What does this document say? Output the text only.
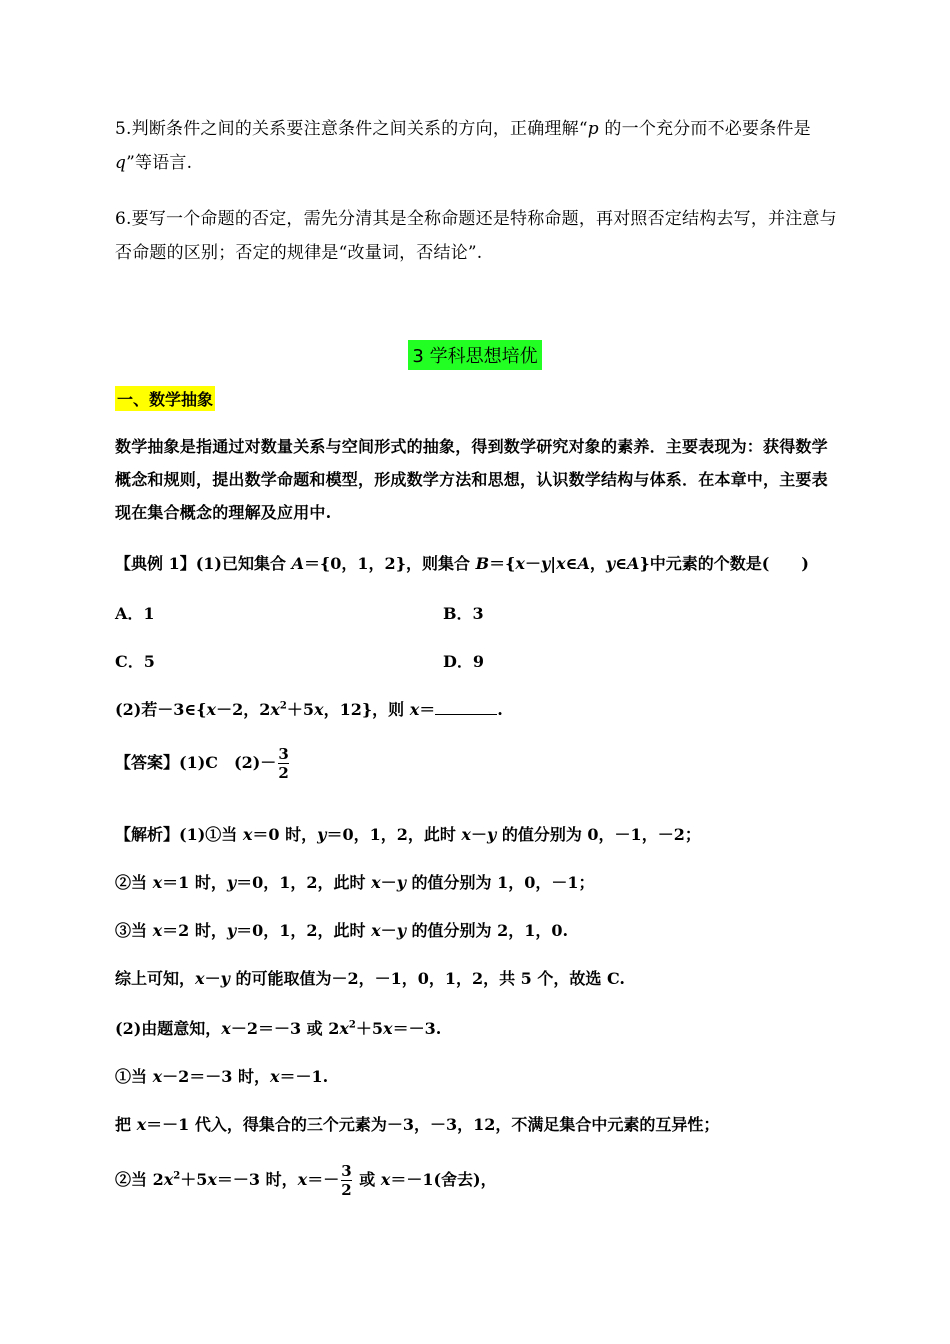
5.判断条件之间的关系要注意条件之间关系的方向，正确理解“p 的一个充分而不必要条件是 q”等语言.
6.要写一个命题的否定，需先分清其是全称命题还是特称命题，再对照否定结构去写，并注意与否命题的区别；否定的规律是“改量词，否结论”.
3 学科思想培优
一、数学抽象
数学抽象是指通过对数量关系与空间形式的抽象，得到数学研究对象的素养．主要表现为：获得数学概念和规则，提出数学命题和模型，形成数学方法和思想，认识数学结构与体系．在本章中，主要表现在集合概念的理解及应用中.
【典例 1】(1)已知集合 A＝{0，1，2}，则集合 B＝{x－y|x∈A，y∈A}中元素的个数是(　　)
A．1	B．3
C．5	D．9
(2)若－3∈{x－2，$2x^2+5x$，12}，则 x＝	.
【答案】(1)C　$(2)- \frac{3}{2}$
【解析】(1)①当 x＝0 时，y＝0，1，2，此时 x－y 的值分别为 0，－1，－2；
②当 x＝1 时，y＝0，1，2，此时 x－y 的值分别为 1，0，－1；
③当 x＝2 时，y＝0，1，2，此时 x－y 的值分别为 2，1，0.
综上可知，x－y 的可能取值为－2，－1，0，1，2，共 5 个，故选 C.
(2)由题意知，x－2＝－3 或 $2x^2+5x=-3$.
①当 x－2＝－3 时，x＝－1.
把 x＝－1 代入，得集合的三个元素为－3，－3，12，不满足集合中元素的互异性；
②当 $2x^2+5x=-3$ 时，$x=- \frac{3}{2}$ 或 x＝－1(舍去)，
